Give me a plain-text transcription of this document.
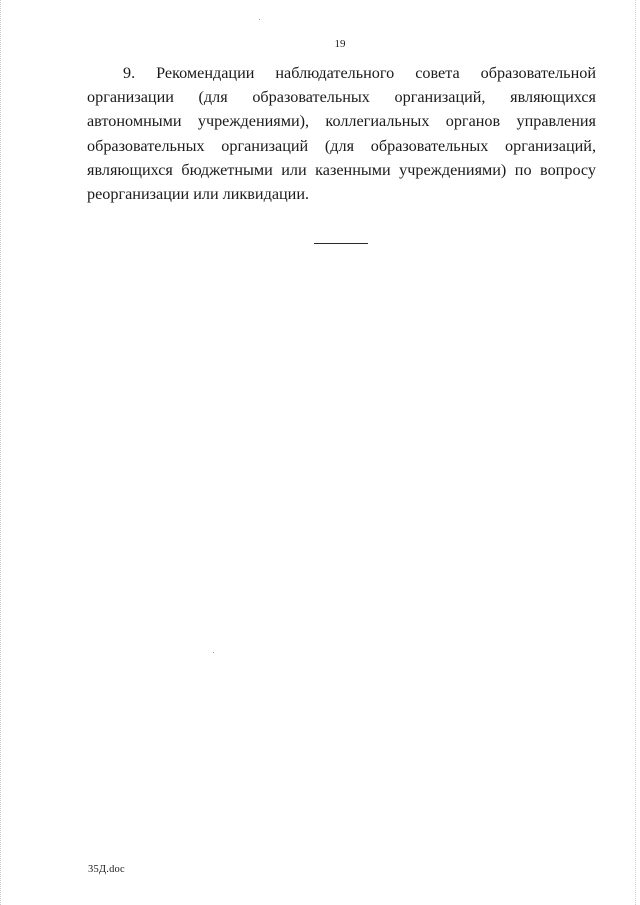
19

9. Рекомендации наблюдательного совета образовательной организации (для образовательных организаций, являющихся автономными учреждениями), коллегиальных органов управления образовательных организаций (для образовательных организаций, являющихся бюджетными или казенными учреждениями) по вопросу реорганизации или ликвидации.

35Д.doc
